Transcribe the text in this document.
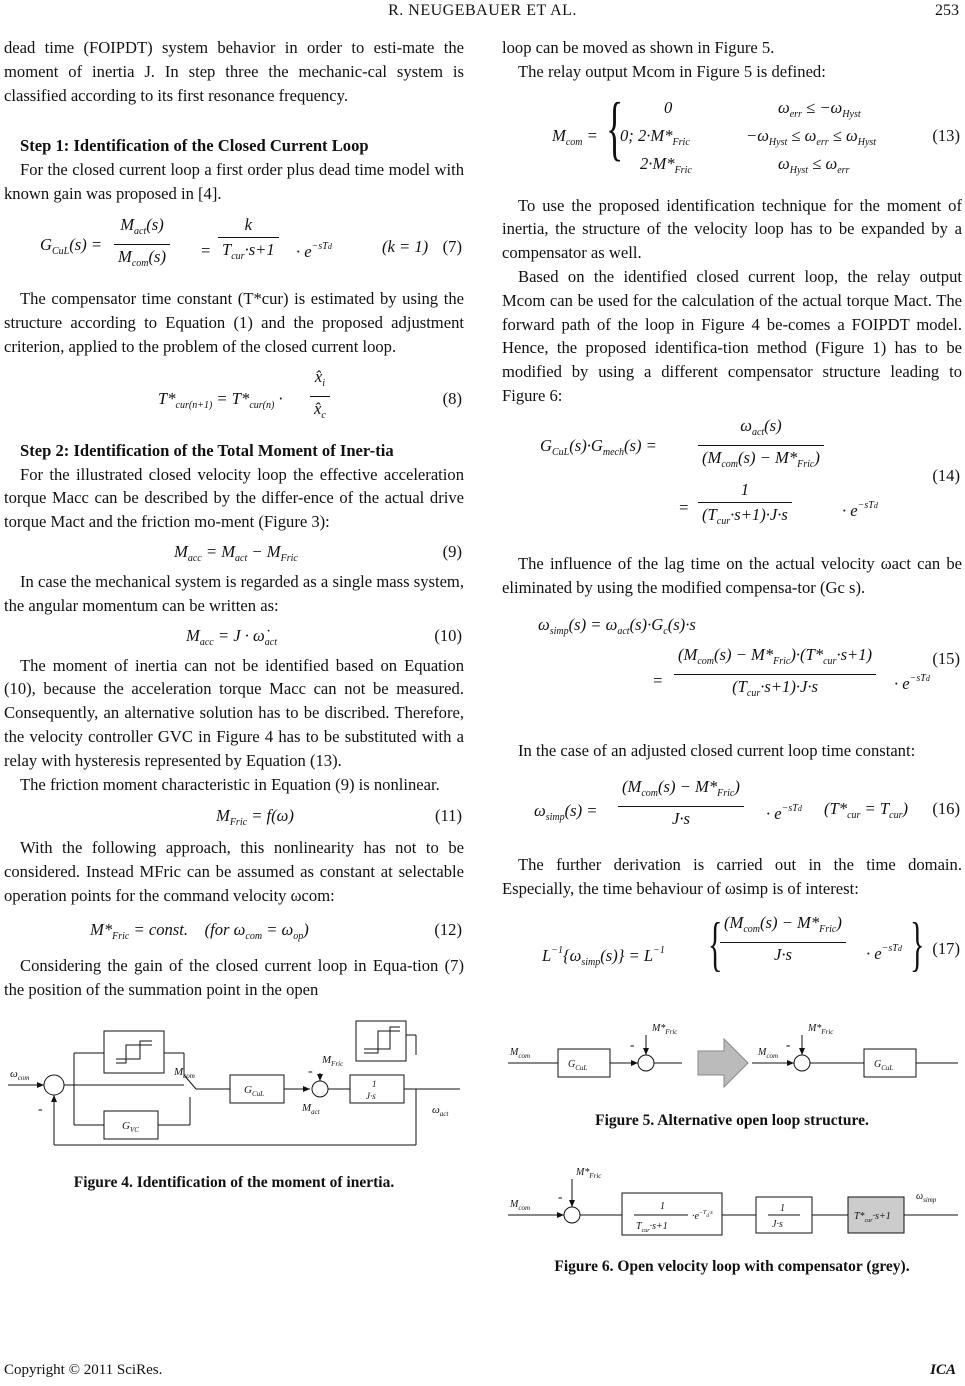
R. NEUGEBAUER ET AL.	253

dead time (FOIPDT) system behavior in order to esti-mate the moment of inertia J. In step three the mechanic-cal system is classified according to its first resonance frequency.

Step 1: Identification of the Closed Current Loop

For the closed current loop a first order plus dead time model with known gain was proposed in [4].

$G_{CuL}(s)$ =
$M_{act}(s)$
$M_{com}(s)$ =
k
$T_{cur}\cdot s+1 \cdot e^{-sTd}$	(k = 1) (7)

The compensator time constant (T*cur) is estimated by using the structure according to Equation (1) and the proposed adjustment criterion, applied to the problem of the closed current loop.

$T*_{cur(n+1)} = T*_{cur(n)} \cdot \frac{x̂_i}{x̂_c}$	(8)

Step 2: Identification of the Total Moment of Iner-tia

For the illustrated closed velocity loop the effective acceleration torque Macc can be described by the differ-ence of the actual drive torque Mact and the friction mo-ment (Figure 3):

$M_{acc} = M_{act} - M_{Fric}$	(9)

In case the mechanical system is regarded as a single mass system, the angular momentum can be written as:

$M_{acc} = J$ · $\omegȧ_{act}$	(10)

The moment of inertia can not be identified based on Equation (10), because the acceleration torque Macc can not be measured. Consequently, an alternative solution has to be discribed. Therefore, the velocity controller GVC in Figure 4 has to be substituted with a relay with hysteresis represented by Equation (13).

The friction moment characteristic in Equation (9) is nonlinear.

$M_{Fric} = f(\omega)$	(11)

With the following approach, this nonlinearity has not to be considered. Instead MFric can be assumed as constant at selectable operation points for the command velocity ωcom:

$M*_{Fric}$ = const.    (for $\omega_{com} = \omega_{op}$)	(12)

Considering the gain of the closed current loop in Equa-tion (7) the position of the summation point in the open

$\omega_{com}$	$M_{com}$
$G_{CuL}$
$G_{VC}$
$M_{act}$
$M_{Fric}$
1
J·s
$\omega_{act}$
-
-

Figure 4. Identification of the moment of inertia.

loop can be moved as shown in Figure 5.

The relay output Mcom in Figure 5 is defined:

$M_{com}$ = { 0
0; $2\cdot M*_{Fric}$
$2\cdot M*_{Fric}$
$\omega_{err} \le -\omega_{Hyst}$
$-\omega_{Hyst} \le \omega_{err} \le \omega_{Hyst}$
$\omega_{Hyst} \le \omega_{err}$
(13)

To use the proposed identification technique for the moment of inertia, the structure of the velocity loop has to be expanded by a compensator as well.

Based on the identified closed current loop, the relay output Mcom can be used for the calculation of the actual torque Mact. The forward path of the loop in Figure 4 be-comes a FOIPDT model. Hence, the proposed identifica-tion method (Figure 1) has to be modified by using a different compensator structure leading to Figure 6:

$G_{CuL}(s)\cdot G_{mech}(s)$ =
$\omega_{act}(s)$
$(M_{com}(s) - M*_{Fric})$
=
1
$(T_{cur}\cdot s+1)\cdot J\cdot s$	· $e^{-sTd}$
(14)

The influence of the lag time on the actual velocity ωact can be eliminated by using the modified compensa-tor (Gc s).

$\omega_{simp}(s) = \omega_{act}(s)\cdot G_c(s)\cdot s$
=
$(M_{com}(s) - M*_{Fric})\cdot(T*_{cur}\cdot s+1)$
$(T_{cur}\cdot s+1)\cdot J\cdot s$	· $e^{-sTd}$
(15)

In the case of an adjusted closed current loop time constant:

$\omega_{simp}(s)$ =
$(M_{com}(s) - M*_{Fric})$
J·s	· $e^{-sTd}$ $(T*_{cur} = T_{cur})$ (16)

The further derivation is carried out in the time domain. Especially, the time behaviour of ωsimp is of interest:

$L^{-1}\{\omega_{simp}(s)\} = L^{-1}$ { $(M_{com}(s) - M*_{Fric})$
J·s	· $e^{-sTd}$ } (17)
$M_{com}$
$G_{CuL}$
$M*_{Fric}$
$M_{com}$
$M*_{Fric}$
$G_{CuL}$
-	-

Figure 5. Alternative open loop structure.

$M_{com}$
$M*_{Fric}$
1
$T_{cur}\cdot s+1$
$\cdot e^{-T}_d^{\cdot s}$	1
J·s
$T*_{cur}\cdot s+1$
$\omega_{simp}$
-

Figure 6. Open velocity loop with compensator (grey).

Copyright © 2011 SciRes.	ICA
